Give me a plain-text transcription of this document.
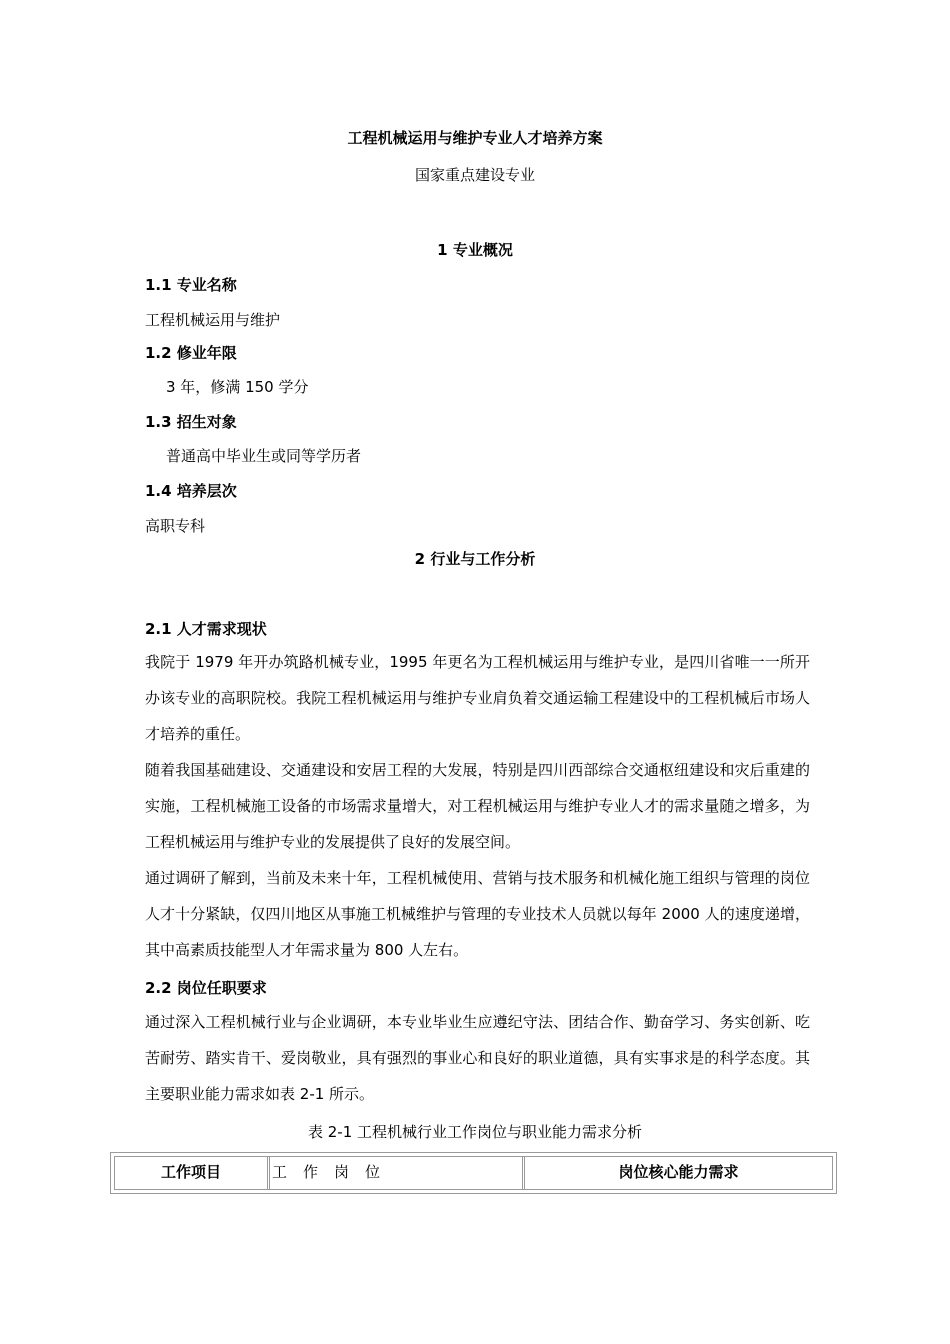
工程机械运用与维护专业人才培养方案
国家重点建设专业
1 专业概况
1.1 专业名称
工程机械运用与维护
1.2 修业年限
3 年，修满 150 学分
1.3 招生对象
普通高中毕业生或同等学历者
1.4 培养层次
高职专科
2 行业与工作分析
2.1 人才需求现状
我院于 1979 年开办筑路机械专业，1995 年更名为工程机械运用与维护专业，是四川省唯一一所开办该专业的高职院校。我院工程机械运用与维护专业肩负着交通运输工程建设中的工程机械后市场人才培养的重任。
随着我国基础建设、交通建设和安居工程的大发展，特别是四川西部综合交通枢纽建设和灾后重建的实施，工程机械施工设备的市场需求量增大，对工程机械运用与维护专业人才的需求量随之增多，为工程机械运用与维护专业的发展提供了良好的发展空间。
通过调研了解到，当前及未来十年，工程机械使用、营销与技术服务和机械化施工组织与管理的岗位人才十分紧缺，仅四川地区从事施工机械维护与管理的专业技术人员就以每年 2000 人的速度递增，其中高素质技能型人才年需求量为 800 人左右。
2.2 岗位任职要求
通过深入工程机械行业与企业调研，本专业毕业生应遵纪守法、团结合作、勤奋学习、务实创新、吃苦耐劳、踏实肯干、爱岗敬业，具有强烈的事业心和良好的职业道德，具有实事求是的科学态度。其主要职业能力需求如表 2-1 所示。
表 2-1 工程机械行业工作岗位与职业能力需求分析
工作项目	工作岗位	岗位核心能力需求
